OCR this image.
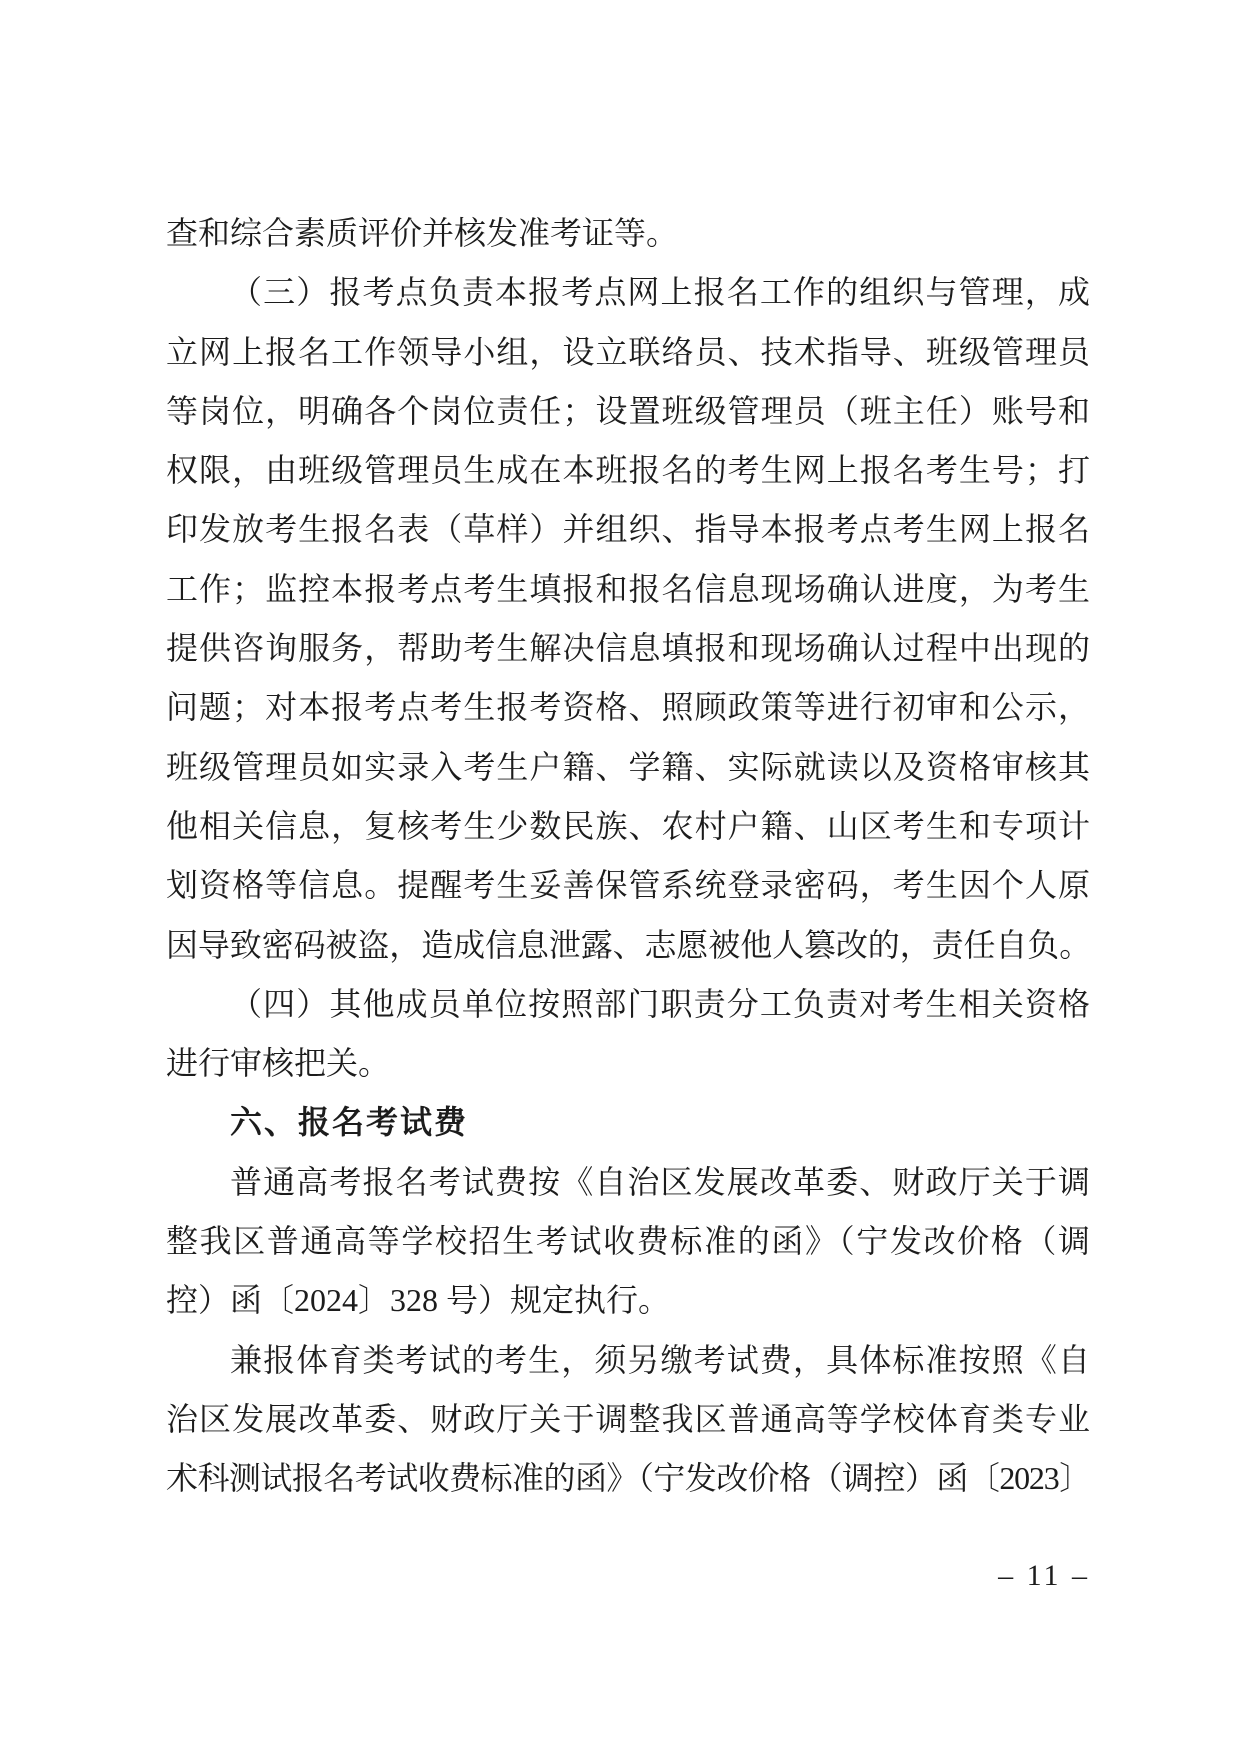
查和综合素质评价并核发准考证等。
（三）报考点负责本报考点网上报名工作的组织与管理，成
立网上报名工作领导小组，设立联络员、技术指导、班级管理员
等岗位，明确各个岗位责任；设置班级管理员（班主任）账号和
权限，由班级管理员生成在本班报名的考生网上报名考生号；打
印发放考生报名表（草样）并组织、指导本报考点考生网上报名
工作；监控本报考点考生填报和报名信息现场确认进度，为考生
提供咨询服务，帮助考生解决信息填报和现场确认过程中出现的
问题；对本报考点考生报考资格、照顾政策等进行初审和公示，
班级管理员如实录入考生户籍、学籍、实际就读以及资格审核其
他相关信息，复核考生少数民族、农村户籍、山区考生和专项计
划资格等信息。提醒考生妥善保管系统登录密码，考生因个人原
因导致密码被盗，造成信息泄露、志愿被他人篡改的，责任自负。
（四）其他成员单位按照部门职责分工负责对考生相关资格
进行审核把关。
六、报名考试费
普通高考报名考试费按《自治区发展改革委、财政厅关于调
整我区普通高等学校招生考试收费标准的函》（宁发改价格（调
控）函〔2024〕328 号）规定执行。
兼报体育类考试的考生，须另缴考试费，具体标准按照《自
治区发展改革委、财政厅关于调整我区普通高等学校体育类专业
术科测试报名考试收费标准的函》（宁发改价格（调控）函〔2023〕
– 11 –
